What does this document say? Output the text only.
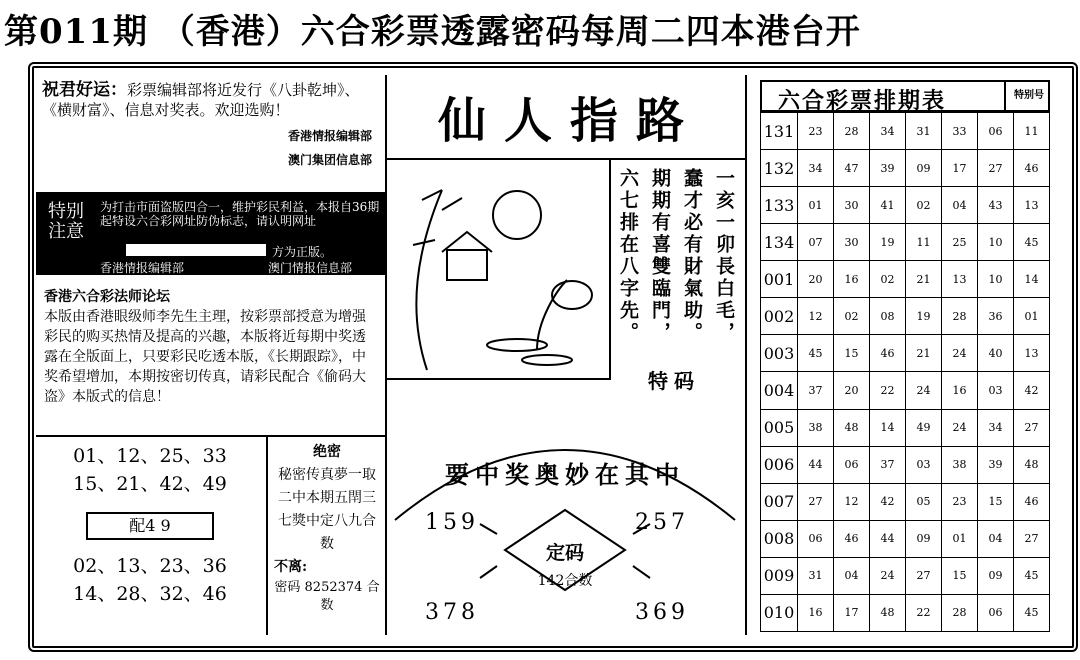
第011期 （香港）六合彩票透露密码每周二四本港台开
祝君好运：彩票编辑部将近发行《八卦乾坤》、《横财富》、信息对奖表。欢迎选购！
香港情报编辑部
澳门集团信息部
特别注意
为打击市面盗版四合一，维护彩民利益，本报自36期起特设六合彩网址防伪标志，请认明网址
方为正版。
香港情报编辑部	澳门情报信息部
香港六合彩法师论坛
本版由香港眼级师李先生主理，按彩票部授意为增强彩民的购买热情及提高的兴趣，本版将近每期中奖透露在全版面上，只要彩民吃透本版，《长期跟踪》，中奖希望增加，本期按密切传真，请彩民配合《偷码大盗》本版式的信息！
01、12、25、33
15、21、42、49
配4 9
02、13、23、36
14、28、32、46
绝密
秘密传真夢一取二中本期五閈三七獎中定八九合数
不离:
密码 8252374 合数
仙人指路
一亥一卯長白毛， 蠢才必有財氣助。 期期有喜雙臨門， 六七排在八字先。
特码
要中奖奥妙在其中
159	257
378	369
定码
142合数
六合彩票排期表	特别号
131	23	28	34	31	33	06	11
132	34	47	39	09	17	27	46
133	01	30	41	02	04	43	13
134	07	30	19	11	25	10	45
001	20	16	02	21	13	10	14
002	12	02	08	19	28	36	01
003	45	15	46	21	24	40	13
004	37	20	22	24	16	03	42
005	38	48	14	49	24	34	27
006	44	06	37	03	38	39	48
007	27	12	42	05	23	15	46
008	06	46	44	09	01	04	27
009	31	04	24	27	15	09	45
010	16	17	48	22	28	06	45
